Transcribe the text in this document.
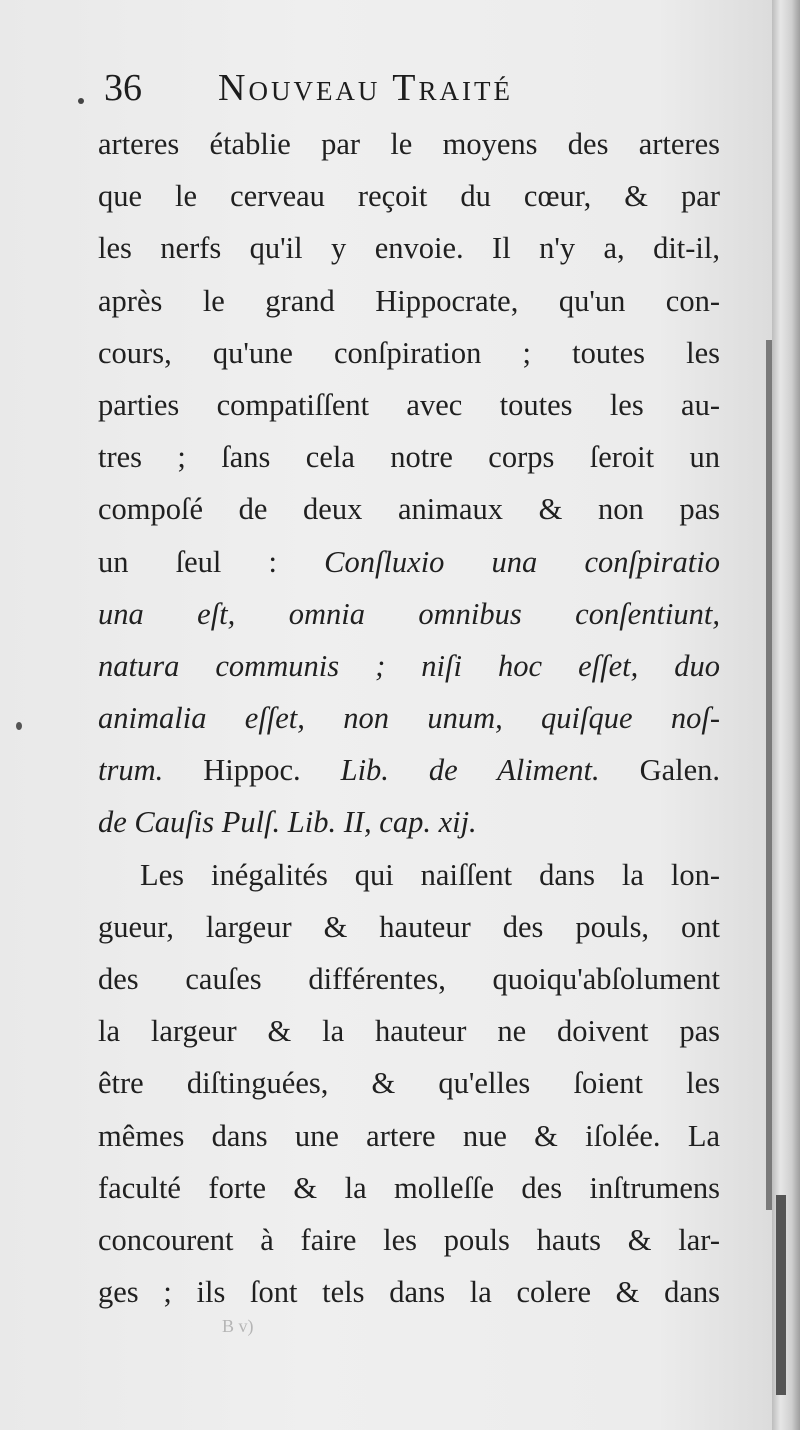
36 Nouveau Traité
arteres établie par le moyens des arteres
que le cerveau reçoit du cœur, & par
les nerfs qu'il y envoie. Il n'y a, dit-il,
après le grand Hippocrate, qu'un con-
cours, qu'une conſpiration ; toutes les
parties compatiſſent avec toutes les au-
tres ; ſans cela notre corps ſeroit un
compoſé de deux animaux & non pas
un ſeul : Conſluxio una conſpiratio
una eſt, omnia omnibus conſentiunt,
natura communis ; niſi hoc eſſet, duo
animalia eſſet, non unum, quiſque noſ-
trum. Hippoc. Lib. de Aliment. Galen.
de Cauſis Pulſ. Lib. II, cap. xij.
Les inégalités qui naiſſent dans la lon-
gueur, largeur & hauteur des pouls, ont
des cauſes différentes, quoiqu'abſolument
la largeur & la hauteur ne doivent pas
être diſtinguées, & qu'elles ſoient les
mêmes dans une artere nue & iſolée. La
faculté forte & la molleſſe des inſtrumens
concourent à faire les pouls hauts & lar-
ges ; ils ſont tels dans la colere & dans
B v)
